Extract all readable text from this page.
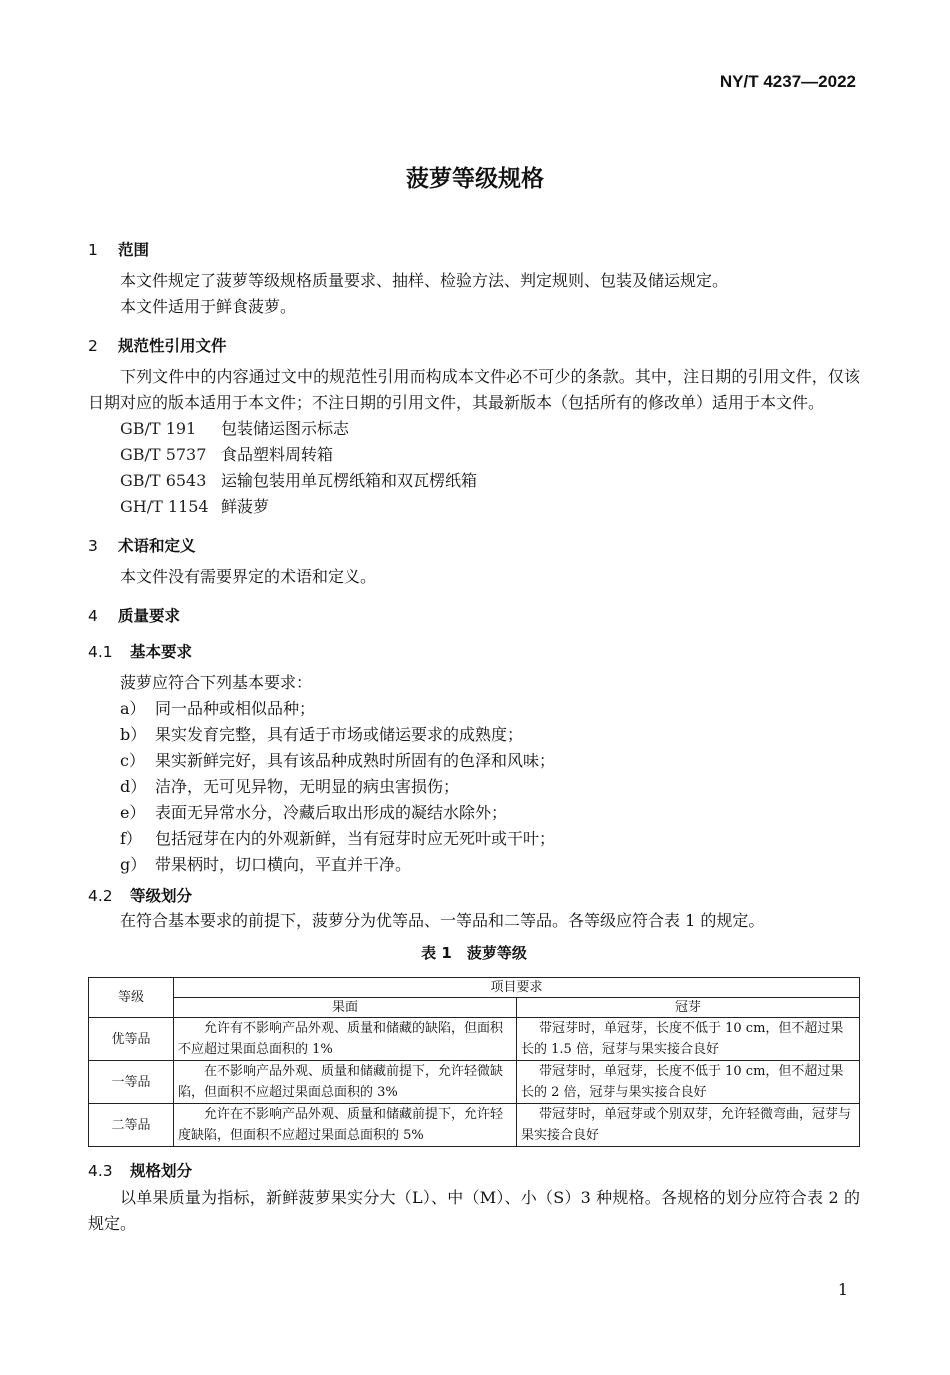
NY/T 4237—2022
菠萝等级规格
1	范围

本文件规定了菠萝等级规格质量要求、抽样、检验方法、判定规则、包装及储运规定。

本文件适用于鲜食菠萝。

2	规范性引用文件

下列文件中的内容通过文中的规范性引用而构成本文件必不可少的条款。其中，注日期的引用文件，仅该日期对应的版本适用于本文件；不注日期的引用文件，其最新版本（包括所有的修改单）适用于本文件。

GB/T 191	包装储运图示标志
GB/T 5737 食品塑料周转箱
GB/T 6543 运输包装用单瓦楞纸箱和双瓦楞纸箱
GH/T 1154 鲜菠萝
3	术语和定义

本文件没有需要界定的术语和定义。

4	质量要求
4.1	基本要求

菠萝应符合下列基本要求：

a） 同一品种或相似品种；
b） 果实发育完整，具有适于市场或储运要求的成熟度；
c） 果实新鲜完好，具有该品种成熟时所固有的色泽和风味；
d） 洁净，无可见异物，无明显的病虫害损伤；
e） 表面无异常水分，冷藏后取出形成的凝结水除外；
f） 包括冠芽在内的外观新鲜，当有冠芽时应无死叶或干叶；
g） 带果柄时，切口横向，平直并干净。
4.2	等级划分

在符合基本要求的前提下，菠萝分为优等品、一等品和二等品。各等级应符合表 1 的规定。

表 1　菠萝等级
等级	项目要求	
	果面	冠芽
优等品	允许有不影响产品外观、质量和储藏的缺陷，但面积不应超过果面总面积的 1%	带冠芽时，单冠芽，长度不低于 10 cm，但不超过果长的 1.5 倍，冠芽与果实接合良好
一等品	在不影响产品外观、质量和储藏前提下，允许轻微缺陷，但面积不应超过果面总面积的 3%	带冠芽时，单冠芽，长度不低于 10 cm，但不超过果长的 2 倍，冠芽与果实接合良好
二等品	允许在不影响产品外观、质量和储藏前提下，允许轻度缺陷，但面积不应超过果面总面积的 5%	带冠芽时，单冠芽或个别双芽，允许轻微弯曲，冠芽与果实接合良好
4.3	规格划分

以单果质量为指标，新鲜菠萝果实分大（L）、中（M）、小（S）3 种规格。各规格的划分应符合表 2 的规定。

1
